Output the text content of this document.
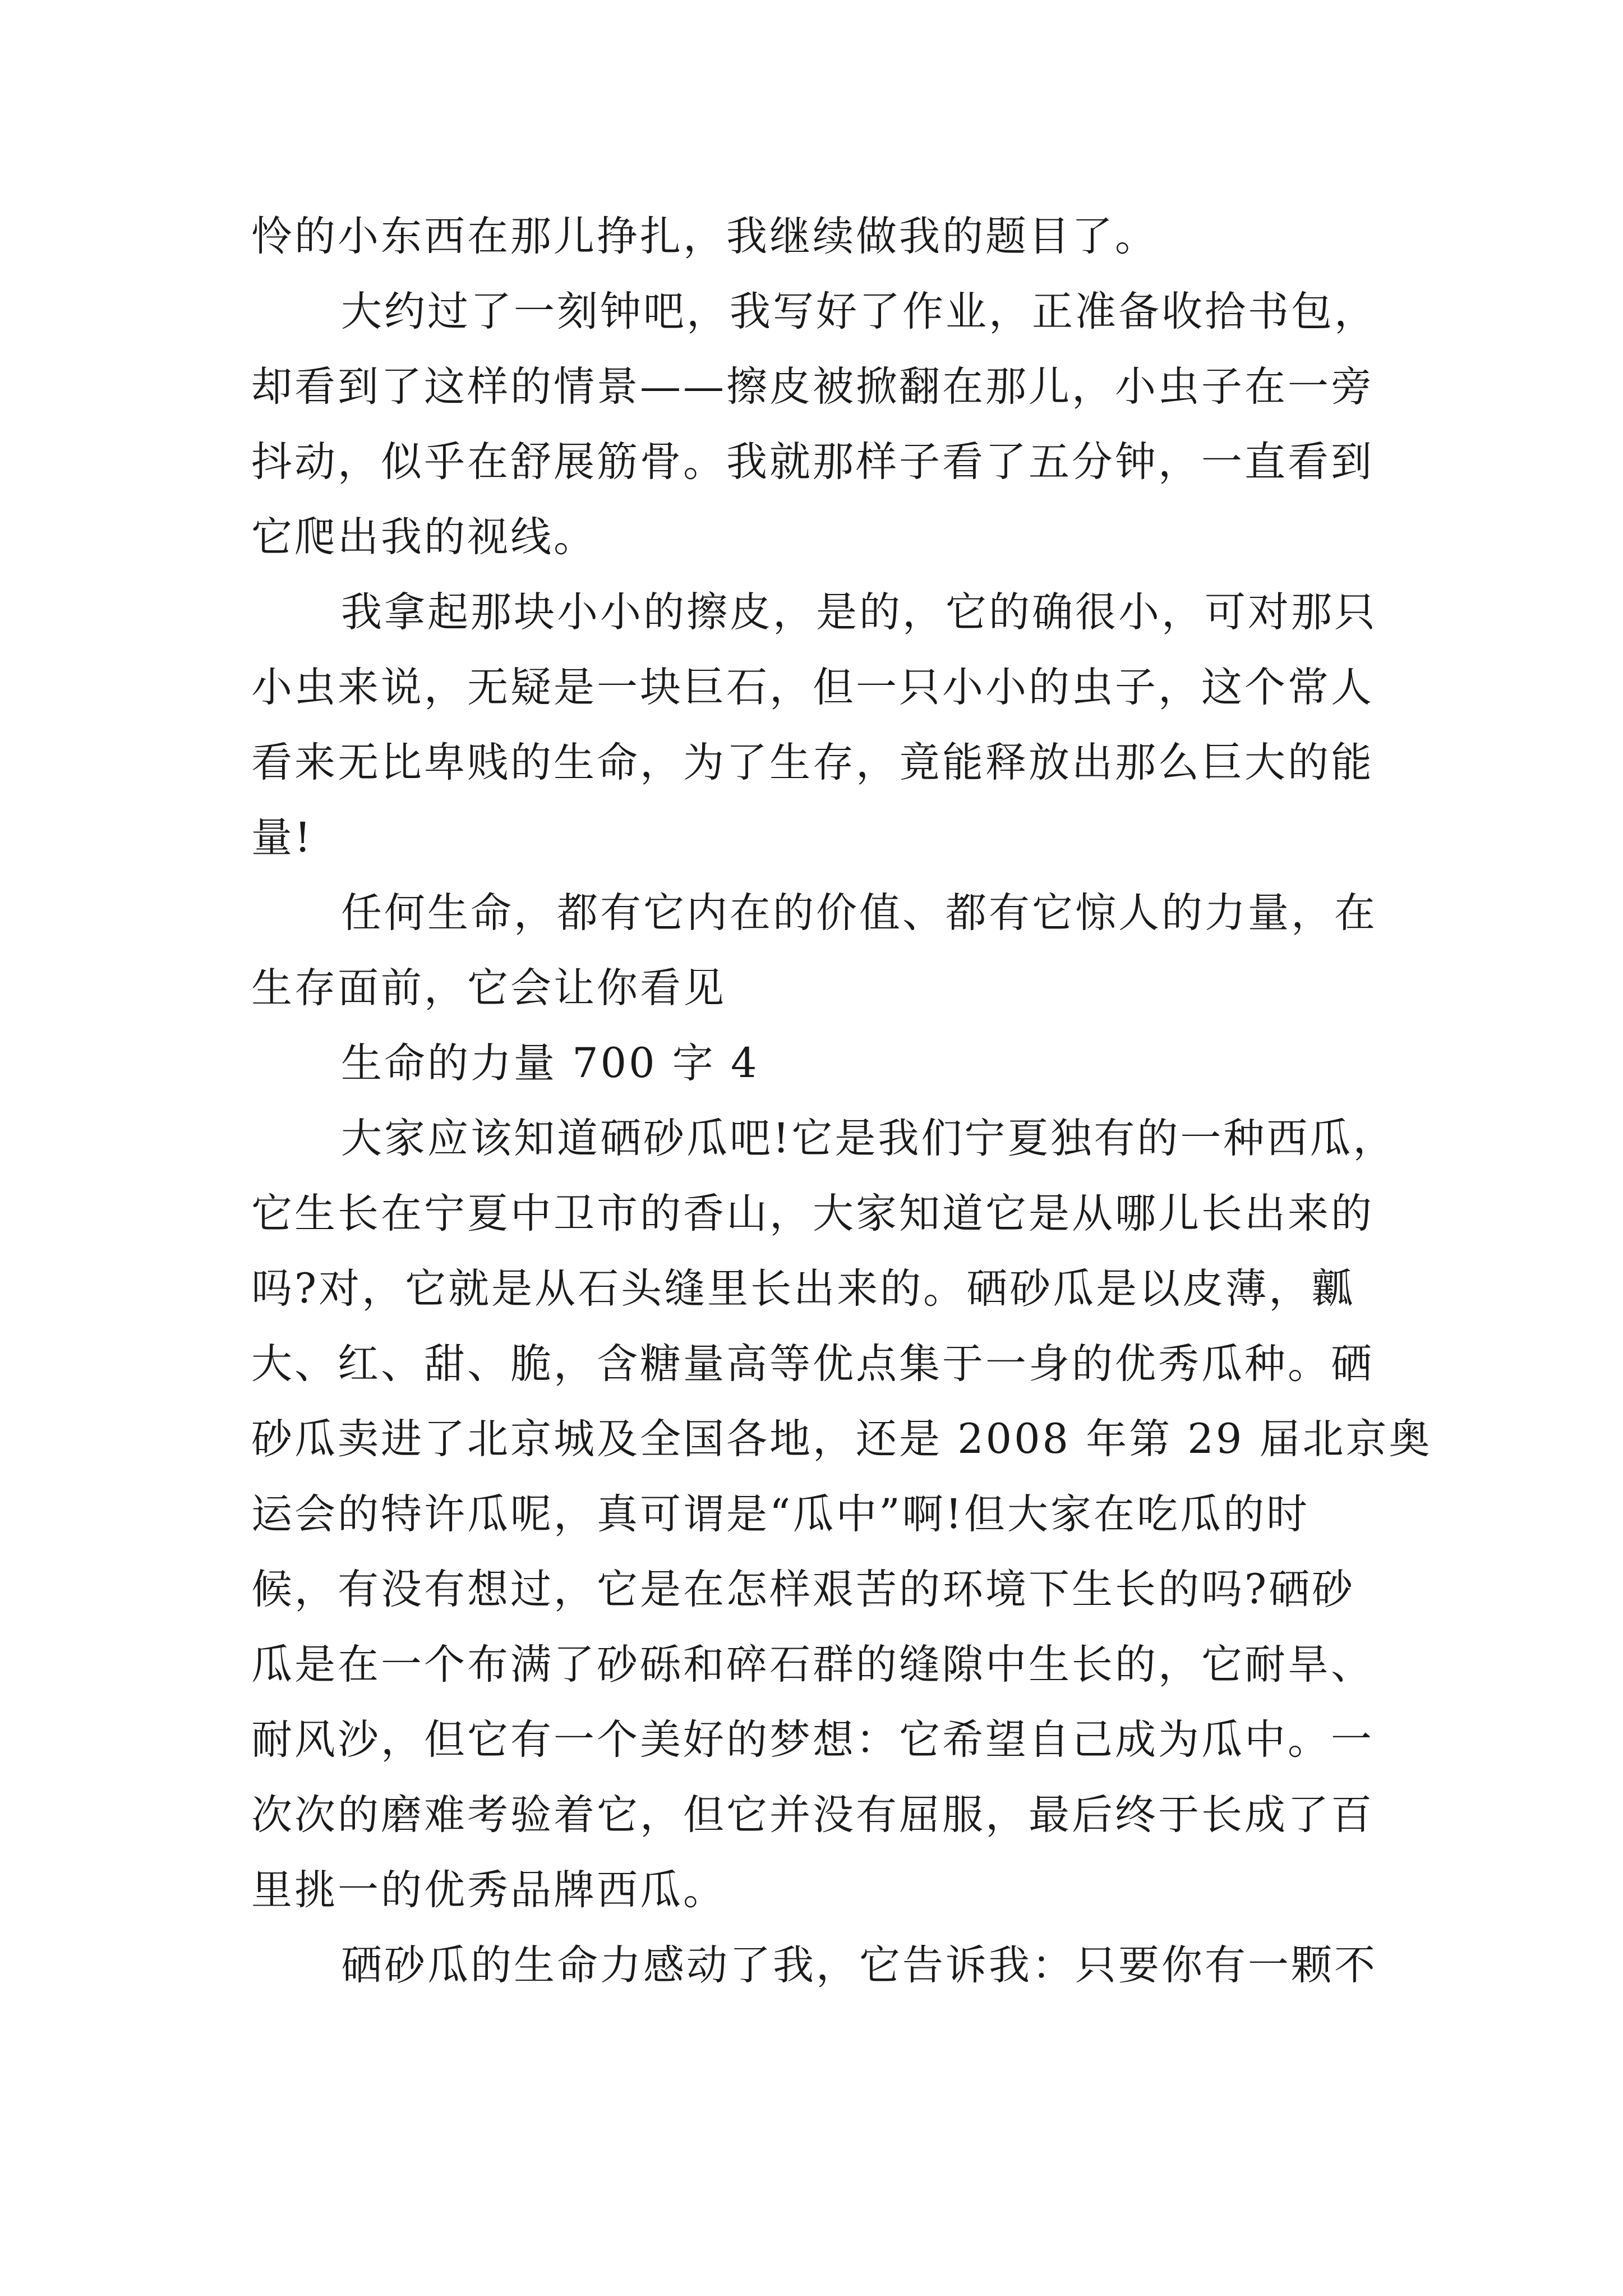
怜的小东西在那儿挣扎，我继续做我的题目了。
大约过了一刻钟吧，我写好了作业，正准备收拾书包，
却看到了这样的情景——擦皮被掀翻在那儿，小虫子在一旁
抖动，似乎在舒展筋骨。我就那样子看了五分钟，一直看到
它爬出我的视线。
我拿起那块小小的擦皮，是的，它的确很小，可对那只
小虫来说，无疑是一块巨石，但一只小小的虫子，这个常人
看来无比卑贱的生命，为了生存，竟能释放出那么巨大的能
量!
任何生命，都有它内在的价值、都有它惊人的力量，在
生存面前，它会让你看见
生命的力量 700 字 4
大家应该知道硒砂瓜吧!它是我们宁夏独有的一种西瓜，
它生长在宁夏中卫市的香山，大家知道它是从哪儿长出来的
吗?对，它就是从石头缝里长出来的。硒砂瓜是以皮薄，瓤
大、红、甜、脆，含糖量高等优点集于一身的优秀瓜种。硒
砂瓜卖进了北京城及全国各地，还是 2008 年第 29 届北京奥
运会的特许瓜呢，真可谓是“瓜中”啊!但大家在吃瓜的时
候，有没有想过，它是在怎样艰苦的环境下生长的吗?硒砂
瓜是在一个布满了砂砾和碎石群的缝隙中生长的，它耐旱、
耐风沙，但它有一个美好的梦想：它希望自己成为瓜中。一
次次的磨难考验着它，但它并没有屈服，最后终于长成了百
里挑一的优秀品牌西瓜。
硒砂瓜的生命力感动了我，它告诉我：只要你有一颗不
